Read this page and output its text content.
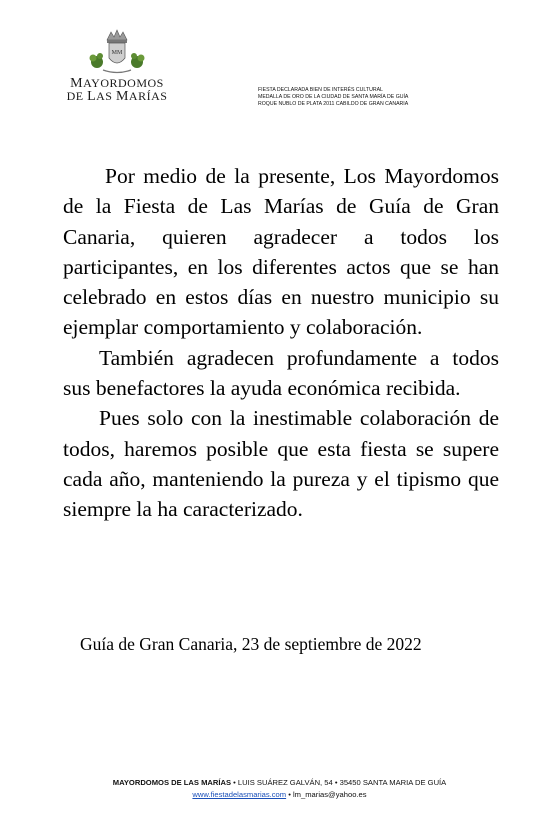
MM
MAYORDOMOS
DE LAS MARÍAS	FIESTA DECLARADA BIEN DE INTERÉS CULTURAL
MEDALLA DE ORO DE LA CIUDAD DE SANTA MARÍA DE GUÍA
ROQUE NUBLO DE PLATA 2011 CABILDO DE GRAN CANARIA

Por medio de la presente, Los Mayordomos de la Fiesta de Las Marías de Guía de Gran Canaria, quieren agradecer a todos los participantes, en los diferentes actos que se han celebrado en estos días en nuestro municipio su ejemplar comportamiento y colaboración.

También agradecen profundamente a todos sus benefactores la ayuda económica recibida.

Pues solo con la inestimable colaboración de todos, haremos posible que esta fiesta se supere cada año, manteniendo la pureza y el tipismo que siempre la ha caracterizado.

Guía de Gran Canaria, 23 de septiembre de 2022
MAYORDOMOS DE LAS MARÍAS • LUIS SUÁREZ GALVÁN, 54 • 35450 SANTA MARIA DE GUÍA
www.fiestadelasmarias.com • lm_marias@yahoo.es
